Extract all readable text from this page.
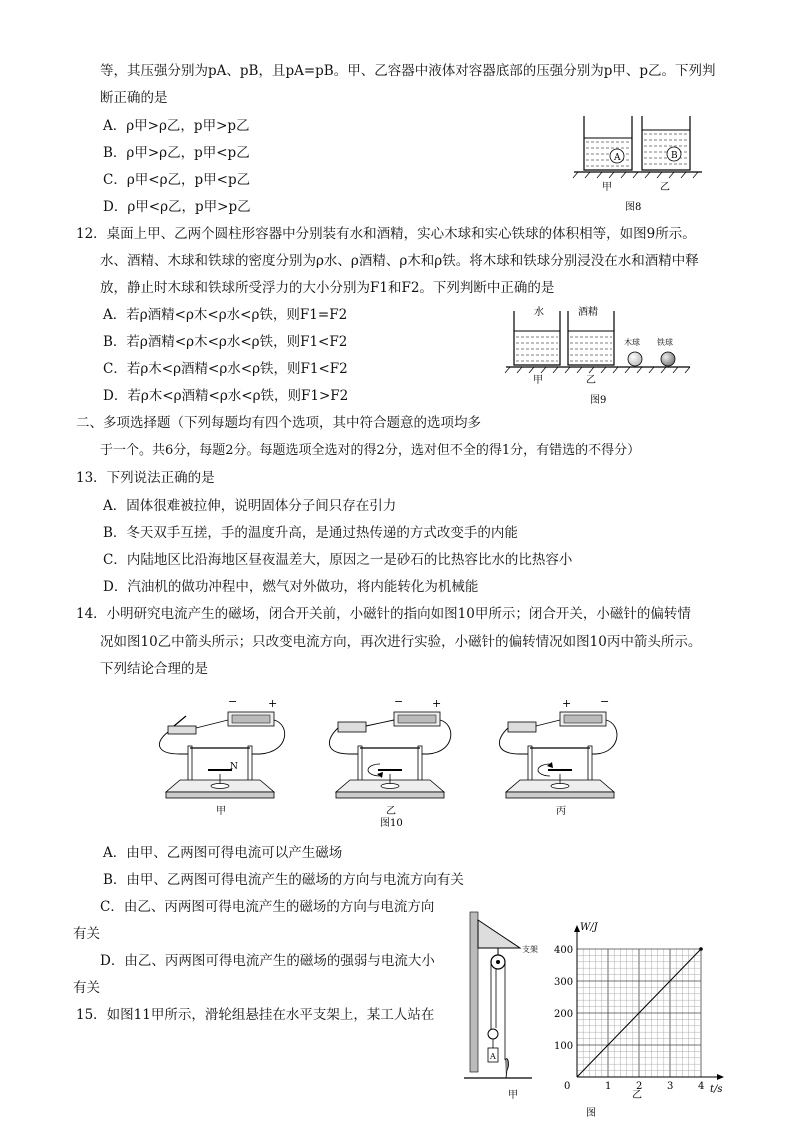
等，其压强分别为pA、pB，且pA=pB。甲、乙容器中液体对容器底部的压强分别为p甲、p乙。下列判
断正确的是
A．ρ甲>ρ乙，p甲>p乙
B．ρ甲>ρ乙，p甲<p乙
C．ρ甲<ρ乙，p甲<p乙
D．ρ甲<ρ乙，p甲>p乙
A	B
甲	乙
图8
12．桌面上甲、乙两个圆柱形容器中分别装有水和酒精，实心木球和实心铁球的体积相等，如图9所示。
水、酒精、木球和铁球的密度分别为ρ水、ρ酒精、ρ木和ρ铁。将木球和铁球分别浸没在水和酒精中释
放，静止时木球和铁球所受浮力的大小分别为F1和F2。下列判断中正确的是
A．若ρ酒精<ρ木<ρ水<ρ铁，则F1=F2
B．若ρ酒精<ρ木<ρ水<ρ铁，则F1<F2
C．若ρ木<ρ酒精<ρ水<ρ铁，则F1<F2
D．若ρ木<ρ酒精<ρ水<ρ铁，则F1>F2
水	酒精
木球 铁球
甲	乙
图9
二、多项选择题（下列每题均有四个选项，其中符合题意的选项均多
于一个。共6分，每题2分。每题选项全选对的得2分，选对但不全的得1分，有错选的不得分）
13．下列说法正确的是
A．固体很难被拉伸，说明固体分子间只存在引力
B．冬天双手互搓，手的温度升高，是通过热传递的方式改变手的内能
C．内陆地区比沿海地区昼夜温差大，原因之一是砂石的比热容比水的比热容小
D．汽油机的做功冲程中，燃气对外做功，将内能转化为机械能
14．小明研究电流产生的磁场，闭合开关前，小磁针的指向如图10甲所示；闭合开关，小磁针的偏转情
况如图10乙中箭头所示；只改变电流方向，再次进行实验，小磁针的偏转情况如图10丙中箭头所示。
下列结论合理的是
−	+
N
甲
−	+
乙
+	−
丙
图10
A．由甲、乙两图可得电流可以产生磁场
B．由甲、乙两图可得电流产生的磁场的方向与电流方向有关
C．由乙、丙两图可得电流产生的磁场的方向与电流方向
有关
D．由乙、丙两图可得电流产生的磁场的强弱与电流大小
有关
15．如图11甲所示，滑轮组悬挂在水平支架上，某工人站在
支架
A
甲
W/J
t/s
0	1 2 3 4
100
200
300
400
乙
图
